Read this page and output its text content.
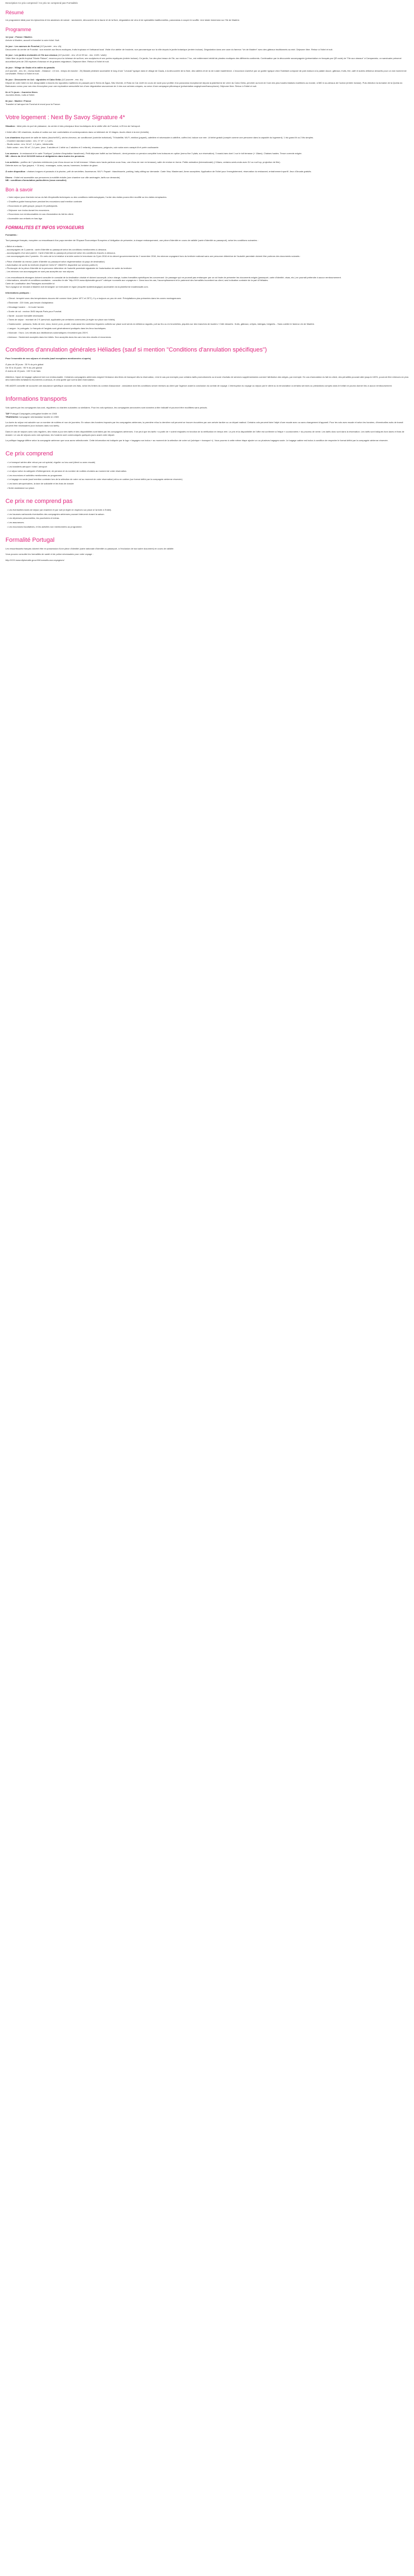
Description Ce prix comprend / Ce prix ne comprend pas Formalités
Résumé

Un programme idéal pour les épicuriens et les amateurs de nature : randonnée, découverte de la faune et de la flore, dégustation de vins et de spécialités traditionnelles, panoramas à couper le souffle. Une totale immersion sur l'île de Madère.

Programme

1er jour : France / Madère.

Arrivée à Madère, accueil et transfert à votre hôtel. Nuit.

2e jour : Les saveurs de Funchal (1/2 journée - env. 4h)

Découverte du centre de Funchal : son marché aux fleurs exotiques, fruits tropicaux et l'artisanat local. Visite d'un atelier de broderie, vue panoramique sur la ville depuis le jardin botanique (entrée incluse). Dégustation dans une cave du fameux "vin de Madère" avec des gâteaux traditionnels au miel. Déjeuner libre. Retour à l'hôtel et nuit.

3e jour : Les jardins enchantés et l'île aux oiseaux (1/2 journée - env. 4h et 50 km - env. 1h30 / visite)

Visite libre du jardin tropical "Monte Palace", reconnu pour la richesse de sa flore, ses sculptures et ses portes mystiques (entrée incluse). Ce jardin, l'un des plus beaux de l'île, sur environ 7 ha., est entièrement rebâti de plantes exotiques des différents continents. Continuation par la découverte accompagnée (présentation en français par QR code) de "l'île aux oiseaux" à Campanário, un sanctuaire préservé accueillant près de 200 espèces d'oiseaux et de grandes migrateurs. Déjeuner libre. Retour à l'hôtel et nuit.

4e jour : Village de Gaula et la vallée du paradis

(1/2 journée - env. 4h - niveau facile - Distance : 2,5 km - temps de marche : 2h) Balade pédestre accessible le long d'une "Levada" typique dans le village de Gaula, à la découverte de la flore, des vallées et de la vie rurale madérienne. L'excursion s'achève par un goûter typique chez l'habitant composé de pain maison à la patate douce, gâteaux, fruits, thé, café et autres délicieux desserts pour un vrai moment de convivialité. Retour à l'hôtel et nuit.

5e jour : Découverte en 4x4 : vignobles et Cabo Girão (1/2 journée - env. 4h)

Départ de votre hôtel en 4x4 décapotable à travers les vignobles maritimes en passant par le Serra de Água, São Vicente, et Rota do Cal. Arrêt en cours de route pour profiter d'un panorama exceptionnel depuis la plateforme de verre du Cabo Girão, perchée au bord de l'une des plus hautes falaises maritimes au monde, à 580 m au-dessus de l'océan (entrée incluse). Puis direction la domaine de la Quinta do Barbusano connu pour ses vins d'exception pour une exploration sensorielle lors d'une dégustation savoureuse de 4 vins aux arômes uniques, au cœur d'une campagne pittoresque (présentation anglophone/francophone). Déjeuner libre. Retour à l'hôtel et nuit.

6e et 7e jours : Journées libres

Journées libres, nuits à l'hôtel.

8e jour : Madère / France

Transfert à l'aéroport de Funchal et envol pour la France.

Votre logement : Next By Savoy Signature 4*

Situation : Idéal près du port de plaisance, du centre et des principaux lieux touristiques de la vieille ville de Funchal, à 25 km de l'aéroport.

L'hôtel offre 130 chambres, studios et suites vue mer confortables et contemporaines dans un bâtiment de 10 étages. Accès direct à la mer (échelle).

Les chambres disposent de salle de bains (douche/WC), sèche-cheveux, air conditionné (contrôle individuel), TV/satellite, Wi-Fi, minibar (payant), cafetière et nécessaire à café/thé, coffre-fort, balcon vue mer. Lit bébé gratuit (compté comme une personne dans la capacité du logement). 1 trio grand lit ou 2 lits simples.
- Chambre standard océan : env. 27 m², 1-2 pers.
- Studio océan : env. 34 m², 1-2 pers., kitchenette.
- Suite océan : env. 56 m², 2-4 pers. (max. 3 adultes et 1 bébé ou 2 adultes et 2 enfants), chaussons, peignoirs, coin salon avec canapé-lit et porte coulissante.

Les saveurs : le restaurant et le carte "Kurtiçao" (cuisine d'inspiration havaïenne). Petit déjeuner buffet au bar Network ; demi-pension ou pension complète hors boissons en option (menu fixe 3 plats, sur réservation). 3 snack-bars dont 1 sur le toit terrasse (+ 18ans). Chaises hautes. Tenue correcte exigée.
NB : diners du 24 et 31/12/25 inclus et obligatoires dans toutes les pensions.

Les activités : profitez de 2 piscines extérieures (une d'eau douce sur le toit terrasse +18ans avec hauts parleurs sous l'eau, une d'eau de mer en terrasse), salle de remise en forme. Petite animation (internationale) (+18ans, certains week-ends avec DJ ou roof top, projection de film).
Détente avec ou Spa (payant, + 16 ans) : massages, soins, sauna, hammam, fontaine de glace.

À votre disposition : chaises longues et parasols à la piscine, prêt de serviettes. Ascenseurs. Wi-Fi. Payant : blanchisserie, parking, baby-sitting sur demande. Carte Visa, Mastercard, Amex acceptées. Application de l'hôtel pour l'enregistrement, réservation du restaurant, entraînement sportif. Jeux d'Arcade gratuits.

Divers : l'hôtel est accessible aux personnes à mobilité réduite (une chambre vue ville aménagée, tarifs sur demande).
NB : conditions d'annulation particulières (nous consulter)

Bon à savoir
• Votre séjour pour d'arrivée est au du fait d'impératifs techniques ou des conditions météorologiques, l'ordre des visites pourra être modifié ou les visites remplacées.
• Chauffeur-guide francophone pendant les excursions sauf mention contraire
• Excursions en petit groupe, jusqu'à 19 participants.
• Déjeuner non inclus durant les excursions.
• Excursions non remboursables en cas d'annulation du fait du client.
• Accessible aux enfants en bas âge.
FORMALITES ET INFOS VOYAGEURS

Formalités :

Tout passager français, européen ou ressortissant d'un pays membre de l'Espace Économique Européen a l'obligation de présenter, à chaque embarquement, une pièce d'identité en cours de validité (carte d'identité ou passeport), selon les conditions suivantes :

• Bébé et enfants :
- accompagnés de 2 parents : carte d'identité ou passeport selon les conditions mentionnées ci-dessous.
- accompagnés d'un seul parent : Carte d'identité ou passeport personnel selon les conditions d'accès ci-dessous.
- non accompagnés des 2 parents : En vertu de la loi relative à la lutte contre le terrorisme du 3 juin 2016 et du décret gouvernemental du 2 novembre 2016, les mineurs voyageant hors du territoire national sans une personne détentrice de l'autorité parentale doivent être porteurs des documents suivants :

• Pièce d'identité du mineur (carte d'identité ou passeport selon réglementation du pays de destination)
• Autorisation de sortie du territoire (imprimé Cerfa N° 15646*01 disponible sur service-public.fr)
• Photocopie de la pièce d'identité de la personne détentrice de l'autorité parentale signataire de l'autorisation de sortie du territoire
- Les mineurs non accompagnés ne sont pas acceptés sur nos séjours.

• Les ressortissants étrangers doivent consulter le consulat de la destination choisie et doivent accomplir, à leur charge, toutes formalités spécifiques les concernant. Un passager qui ne pourrait pas embarquer par un vol faute de présenter les documents exigés (passeport, carte d'identité, visas, etc.) ne pourrait prétendre à aucun remboursement.
• Informations, sécurité et conditions sanitaires : consultez le site "http://XXX.www.diplomatie.gouv.fr" rubrique «conseils aux voyageurs ». Dans tous les cas, l'accomplissement et le paiement des formalités incombent au client, seul indication contraire de la part d'Héliades.
Carte de Localisation des Passagers accessible ici
Tout voyageur se rendant à Madère doit renseigner un formulaire en ligne (enquête épidémiologique) accessible via la plateforme madeirasafe.com.

Informations pratiques :

• Climat : tempéré avec des températures douces été comme hiver (entre 18°C et 25°C). Il y a toujours un peu de vent. Précipitations plus présentes dans les zones montagneuses.
• Électricité : 220 Volts, pas besoin d'adaptateur.
• Décalage horaire : - 1h toute l'année.
• Durée de vol : environ 3h30 depuis Paris pour Funchal.
• Santé : aucune formalité nécessaire.
• Taxes de séjour : montant de 2 € /pers/nuit, applicable par certaines communes (à régler sur place aux hôtels).
• Gastronomie : poissons, fruits de mer, veau, boeuf, porc, poulet, mais aussi les nombreux légumes cultivés sur place sont servis en délicieux ragoûts, poli au feu ou en brochettes, piquées sur des branches de lauriers ! Côté desserts : fruits, gâteaux, crêpes, lakingas, beignets... Sans oublier le fameux vin de Madère.
• Langue : le portugais. Le français et l'anglais sont généralement pratiqués dans les lieux touristiques.
• Monnaie : l'euro. Les retraits aux distributeurs automatiques n'excèdent pas 200 €.
• Animaux : Seulement acceptés dans les hôtels. Non acceptés dans les cars lors des circuits et excursions.
Conditions d'annulation générales Héliades (sauf si mention "Conditions d'annulation spécifiques")

Pour l'ensemble de nos séjours et circuits (sauf exceptions mentionnées ci-après)

À plus de 30 jours : 35 % du prix global
De 30 à 15 jours : 95 % du prix global
À moins de 15 jours : 100 % de frais

Attention, l'ajout de bagage optionnel est non remboursable. Certaines compagnies aériennes exigent l'émission des titres de transport dès la réservation, c'est le cas par exemple pour certains tarifs promotionnels ou encore d'achats de services supplémentaires comme l'attribution des sièges, par exemple. En cas d'annulation du fait du client, des pénalités pouvant aller jusqu'à 100%, pourront être retenues en plus des indemnités forfaitaires énumérées ci-dessus, et cela quelle que soit la date d'annulation.

HELIADES conseille de souscrire une assurance spécifique couvrant ces frais, selon les limites du contrat d'assurance : annulation dont les conditions seront remises au client par l'agence avant la conclusion du contrat de voyage. L'interruption du voyage ou séjour par le client ou la renonciation à certains services ou prestations compris dans le forfait ne pourra donner lieu à aucun remboursement.

Informations transports

Vols opérés par les compagnies low-cost, régulières ou charters suivantes ou similaires. Pour les vols spéciaux, les compagnies annoncées sont données à titre indicatif et pourront être modifiées sans préavis.

TAP Portugal Compagnie portugaise fondée en 1945
TRANSAVIA Compagnie néerlandaise fondée en 1965

La durée du séjour est calculée sur un nombre de nuitées et non de journées. En raison des horaires imposés par les compagnies aériennes, la première et/ou la dernière nuit peuvent se trouver écourtées par une arrivée tardive ou un départ matinal. Certains vols peuvent faire l'objet d'une escale avec ou sans changement d'appareil. Pour les vols avec escale et selon les horaires, d'éventuelles nuits de transit peuvent être nécessaires (non incluses dans nos tarifs).

Dans le cas de séjours avec vols réguliers, des mises à jour des tarifs et des disponibilités sont faites par les compagnies aériennes. Il se peut que les tarifs « à partir de » soient réajustés en fonction de la vérification en temps réel. Le prix et la disponibilité de l'offre est confirmée à l'étape « coordonnées » du process de vente. Les tarifs donc sont dans la réservation. Les tarifs sont indiqués hors taxes et frais de dossier. Le cas de séjours avec vols spéciaux, les horaires sont communiqués quelques jours avant votre départ.

La politique bagage diffère selon la compagnie aérienne que vous aurez sélectionnée. Cette information est indiquée par le logo « bagages non inclus » au moment de la sélection de votre vol (rubrique « transport »). Vous pourrez à cette même étape ajouter un ou plusieurs bagages soute. Le bagage cabine est inclus à condition de respecter le format défini par la compagnie aérienne réservée.

Ce prix comprend
• Le transport aérien aller retour par vol spécial, régulier ou low-cost (direct ou avec escale)
• Les transferts aéroport / hôtel / aéroport
• Le séjour selon la catégorie d'hébergement, de pension et du nombre de nuitées choisies au moment de votre réservation.
• Les excursions et activités mentionnées au programme.
• Le bagage en soute (sauf mention contraire lors de la sélection de votre vol au moment de votre réservation) et/ou en cabine (sur format défini par la compagnie aérienne réservée)
• Les taxes aéroportuaires, la taxe de solidarité et les frais de dossier
• Notre assistance sur place.
Ce prix ne comprend pas
• Les éventuelles taxes de séjour par chambre et par nuit (à régler en espèces sur place à l'arrivée à l'hôtel).
• Les hausses carburants éventuelles des compagnies aériennes pouvant intervenir durant la saison.
• Les dépenses personnelles, les pourboires et extras.
• Les assurances.
• Les excursions facultatives, et les activités non mentionnées au programme.
Formalité Portugal

Les ressortissants français doivent être en possession d'une pièce d'identité (carte nationale d'identité ou passeport, à l'exclusion de tout autre document) en cours de validité.

Vous pouvez consulter les formalités de santé et de police nécessaires pour votre voyage :

http://XXX.www.diplomatie.gouv.fr/fr/conseils-aux-voyageurs/
